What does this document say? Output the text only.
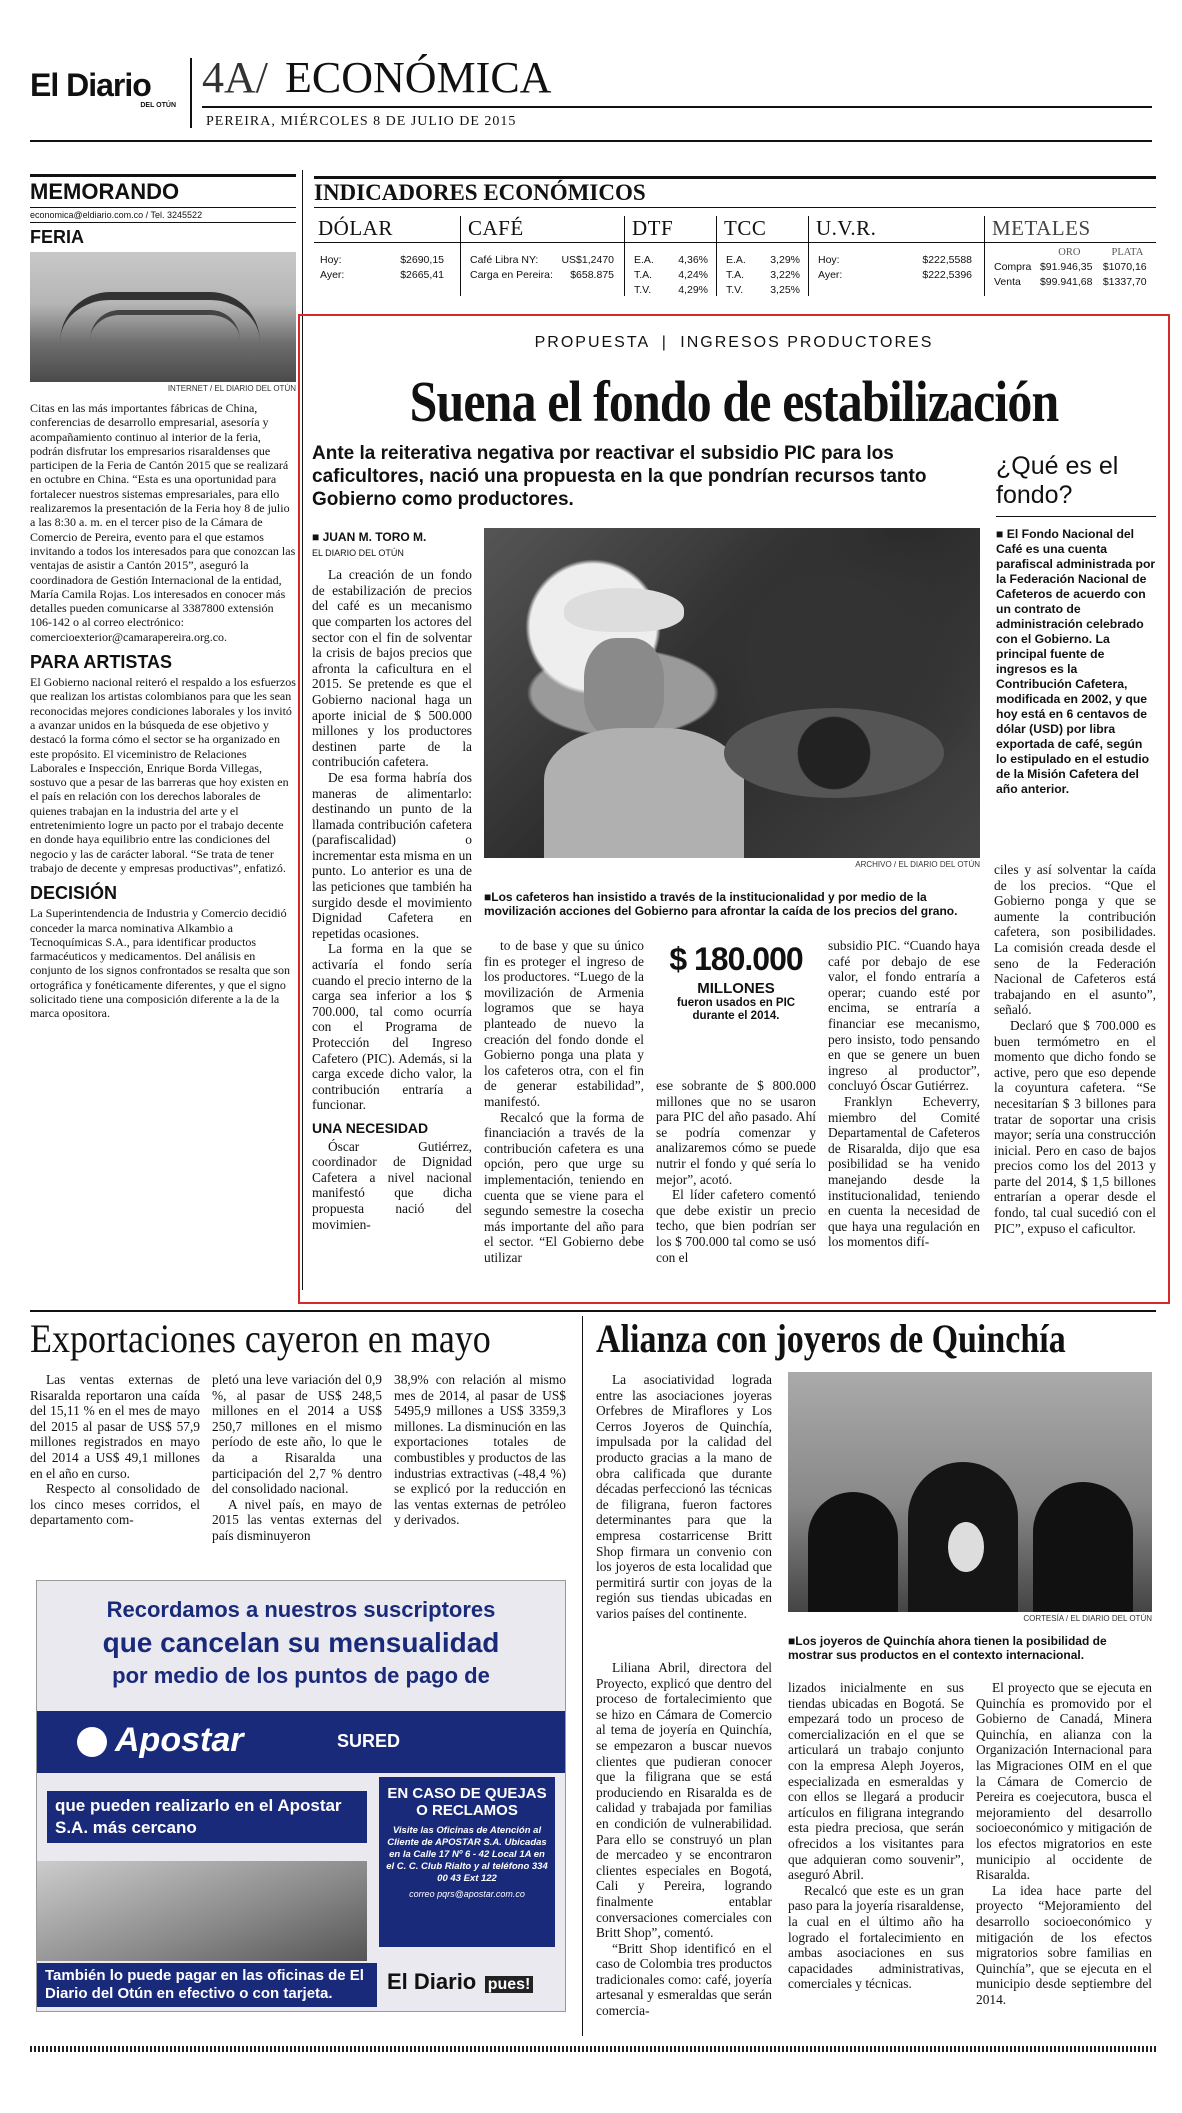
El Diario
DEL OTÚN
4A/ ECONÓMICA
PEREIRA, MIÉRCOLES 8 DE JULIO DE 2015
MEMORANDO
economica@eldiario.com.co / Tel. 3245522
FERIA
INTERNET / EL DIARIO DEL OTÚN
Citas en las más importantes fábricas de China, conferencias de desarrollo empresarial, asesoría y acompañamiento continuo al interior de la feria, podrán disfrutar los empresarios risaraldenses que participen de la Feria de Cantón 2015 que se realizará en octubre en China. “Esta es una oportunidad para fortalecer nuestros sistemas empresariales, para ello realizaremos la presentación de la Feria hoy 8 de julio a las 8:30 a. m. en el tercer piso de la Cámara de Comercio de Pereira, evento para el que estamos invitando a todos los interesados para que conozcan las ventajas de asistir a Cantón 2015”, aseguró la coordinadora de Gestión Internacional de la entidad, María Camila Rojas. Los interesados en conocer más detalles pueden comunicarse al 3387800 extensión 106-142 o al correo electrónico: comercioexterior@camarapereira.org.co.
PARA ARTISTAS
El Gobierno nacional reiteró el respaldo a los esfuerzos que realizan los artistas colombianos para que les sean reconocidas mejores condiciones laborales y los invitó a avanzar unidos en la búsqueda de ese objetivo y destacó la forma cómo el sector se ha organizado en este propósito. El viceministro de Relaciones Laborales e Inspección, Enrique Borda Villegas, sostuvo que a pesar de las barreras que hoy existen en el país en relación con los derechos laborales de quienes trabajan en la industria del arte y el entretenimiento logre un pacto por el trabajo decente en donde haya equilibrio entre las condiciones del negocio y las de carácter laboral. “Se trata de tener trabajo de decente y empresas productivas”, enfatizó.
DECISIÓN
La Superintendencia de Industria y Comercio decidió conceder la marca nominativa Alkambio a Tecnoquímicas S.A., para identificar productos farmacéuticos y medicamentos. Del análisis en conjunto de los signos confrontados se resalta que son ortográfica y fonéticamente diferentes, y que el signo solicitado tiene una composición diferente a la de la marca opositora.
INDICADORES ECONÓMICOS
DÓLAR	CAFÉ	DTF TCC U.V.R.	METALES
Hoy:	$2690,15
Ayer:	$2665,41
Café Libra NY:	US$1,2470
Carga en Pereira:	$658.875
E.A.	4,36%
T.A.	4,24%
T.V.	4,29%
E.A.	3,29%
T.A.	3,22%
T.V.	3,25%
Hoy:	$222,5588
Ayer:	$222,5396
	ORO	PLATA
Compra	$91.946,35	$1070,16
Venta	$99.941,68	$1337,70
PROPUESTA | INGRESOS PRODUCTORES
Suena el fondo de estabilización
Ante la reiterativa negativa por reactivar el subsidio PIC para los caficultores, nació una propuesta en la que pondrían recursos tanto Gobierno como productores.
ARCHIVO / EL DIARIO DEL OTÚN
■ Los cafeteros han insistido a través de la institucionalidad y por medio de la movilización acciones del Gobierno para afrontar la caída de los precios del grano.
■ JUAN M. TORO M.
EL DIARIO DEL OTÚN

La creación de un fondo de estabilización de precios del café es un mecanismo que comparten los actores del sector con el fin de solventar la crisis de bajos precios que afronta la caficultura en el 2015. Se pretende es que el Gobierno nacional haga un aporte inicial de $ 500.000 millones y los productores destinen parte de la contribución cafetera.

De esa forma habría dos maneras de alimentarlo: destinando un punto de la llamada contribución cafetera (parafiscalidad) o incrementar esta misma en un punto. Lo anterior es una de las peticiones que también ha surgido desde el movimiento Dignidad Cafetera en repetidas ocasiones.

La forma en la que se activaría el fondo sería cuando el precio interno de la carga sea inferior a los $ 700.000, tal como ocurría con el Programa de Protección del Ingreso Cafetero (PIC). Además, si la carga excede dicho valor, la contribución entraría a funcionar.

UNA NECESIDAD

Óscar Gutiérrez, coordinador de Dignidad Cafetera a nivel nacional manifestó que dicha propuesta nació del movimien-

to de base y que su único fin es proteger el ingreso de los productores. “Luego de la movilización de Armenia logramos que se haya planteado de nuevo la creación del fondo donde el Gobierno ponga una plata y los cafeteros otra, con el fin de generar estabilidad”, manifestó.

Recalcó que la forma de financiación a través de la contribución cafetera es una opción, pero que urge su implementación, teniendo en cuenta que se viene para el segundo semestre la cosecha más importante del año para el sector. “El Gobierno debe utilizar

$ 180.000
MILLONES
fueron usados en PIC durante el 2014.

ese sobrante de $ 800.000 millones que no se usaron para PIC del año pasado. Ahí se podría comenzar y analizaremos cómo se puede nutrir el fondo y qué sería lo mejor”, acotó.

El líder cafetero comentó que debe existir un precio techo, que bien podrían ser los $ 700.000 tal como se usó con el

subsidio PIC. “Cuando haya café por debajo de ese valor, el fondo entraría a operar; cuando esté por encima, se entraría a financiar ese mecanismo, pero insisto, todo pensando en que se genere un buen ingreso al productor”, concluyó Óscar Gutiérrez.

Franklyn Echeverry, miembro del Comité Departamental de Cafeteros de Risaralda, dijo que esa posibilidad se ha venido manejando desde la institucionalidad, teniendo en cuenta la necesidad de que haya una regulación en los momentos difí-

¿Qué es el fondo?
■ El Fondo Nacional del Café es una cuenta parafiscal administrada por la Federación Nacional de Cafeteros de acuerdo con un contrato de administración celebrado con el Gobierno. La principal fuente de ingresos es la Contribución Cafetera, modificada en 2002, y que hoy está en 6 centavos de dólar (USD) por libra exportada de café, según lo estipulado en el estudio de la Misión Cafetera del año anterior.

ciles y así solventar la caída de los precios. “Que el Gobierno ponga y que se aumente la contribución cafetera, son posibilidades. La comisión creada desde el seno de la Federación Nacional de Cafeteros está trabajando en el asunto”, señaló.

Declaró que $ 700.000 es buen termómetro en el momento que dicho fondo se active, pero que eso depende la coyuntura cafetera. “Se necesitarían $ 3 billones para tratar de soportar una crisis mayor; sería una construcción inicial. Pero en caso de bajos precios como los del 2013 y parte del 2014, $ 1,5 billones entrarían a operar desde el fondo, tal cual sucedió con el PIC”, expuso el caficultor.

Exportaciones cayeron en mayo

Las ventas externas de Risaralda reportaron una caída del 15,11 % en el mes de mayo del 2015 al pasar de US$ 57,9 millones registrados en mayo del 2014 a US$ 49,1 millones en el año en curso.

Respecto al consolidado de los cinco meses corridos, el departamento com-

pletó una leve variación del 0,9 %, al pasar de US$ 248,5 millones en el 2014 a US$ 250,7 millones en el mismo período de este año, lo que le da a Risaralda una participación del 2,7 % dentro del consolidado nacional.

A nivel país, en mayo de 2015 las ventas externas del país disminuyeron

38,9% con relación al mismo mes de 2014, al pasar de US$ 5495,9 millones a US$ 3359,3 millones. La disminución en las exportaciones totales de combustibles y productos de las industrias extractivas (-48,4 %) se explicó por la reducción en las ventas externas de petróleo y derivados.

Recordamos a nuestros suscriptores
que cancelan su mensualidad
por medio de los puntos de pago de
Apostar	SURED
que pueden realizarlo en el Apostar S.A. más cercano
EN CASO DE QUEJAS O RECLAMOS
Visite las Oficinas de Atención al Cliente de APOSTAR S.A. Ubicadas en la Calle 17 Nº 6 - 42 Local 1A en el C. C. Club Rialto y al teléfono 334 00 43 Ext 122
correo pqrs@apostar.com.co
También lo puede pagar en las oficinas de El Diario del Otún en efectivo o con tarjeta.	El Diario pues!
Alianza con joyeros de Quinchía

La asociatividad lograda entre las asociaciones joyeras Orfebres de Miraflores y Los Cerros Joyeros de Quinchía, impulsada por la calidad del producto gracias a la mano de obra calificada que durante décadas perfeccionó las técnicas de filigrana, fueron factores determinantes para que la empresa costarricense Britt Shop firmara un convenio con los joyeros de esta localidad que permitirá surtir con joyas de la región sus tiendas ubicadas en varios países del continente.	CORTESÍA / EL DIARIO DEL OTÚN
■ Los joyeros de Quinchía ahora tienen la posibilidad de mostrar sus productos en el contexto internacional.

Liliana Abril, directora del Proyecto, explicó que dentro del proceso de fortalecimiento que se hizo en Cámara de Comercio al tema de joyería en Quinchía, se empezaron a buscar nuevos clientes que pudieran conocer que la filigrana que se está produciendo en Risaralda es de calidad y trabajada por familias en condición de vulnerabilidad. Para ello se construyó un plan de mercadeo y se encontraron clientes especiales en Bogotá, Cali y Pereira, logrando finalmente entablar conversaciones comerciales con Britt Shop”, comentó.

“Britt Shop identificó en el caso de Colombia tres productos tradicionales como: café, joyería artesanal y esmeraldas que serán comercia-

lizados inicialmente en sus tiendas ubicadas en Bogotá. Se empezará todo un proceso de comercialización en el que se articulará un trabajo conjunto con la empresa Aleph Joyeros, especializada en esmeraldas y con ellos se llegará a producir artículos en filigrana integrando esta piedra preciosa, que serán ofrecidos a los visitantes para que adquieran como souvenir”, aseguró Abril.

Recalcó que este es un gran paso para la joyería risaraldense, la cual en el último año ha logrado el fortalecimiento en ambas asociaciones en sus capacidades administrativas, comerciales y técnicas.

El proyecto que se ejecuta en Quinchía es promovido por el Gobierno de Canadá, Minera Quinchía, en alianza con la Organización Internacional para las Migraciones OIM en el que la Cámara de Comercio de Pereira es coejecutora, busca el mejoramiento del desarrollo socioeconómico y mitigación de los efectos migratorios en este municipio al occidente de Risaralda.

La idea hace parte del proyecto “Mejoramiento del desarrollo socioeconómico y mitigación de los efectos migratorios sobre familias en Quinchía”, que se ejecuta en el municipio desde septiembre del 2014.
